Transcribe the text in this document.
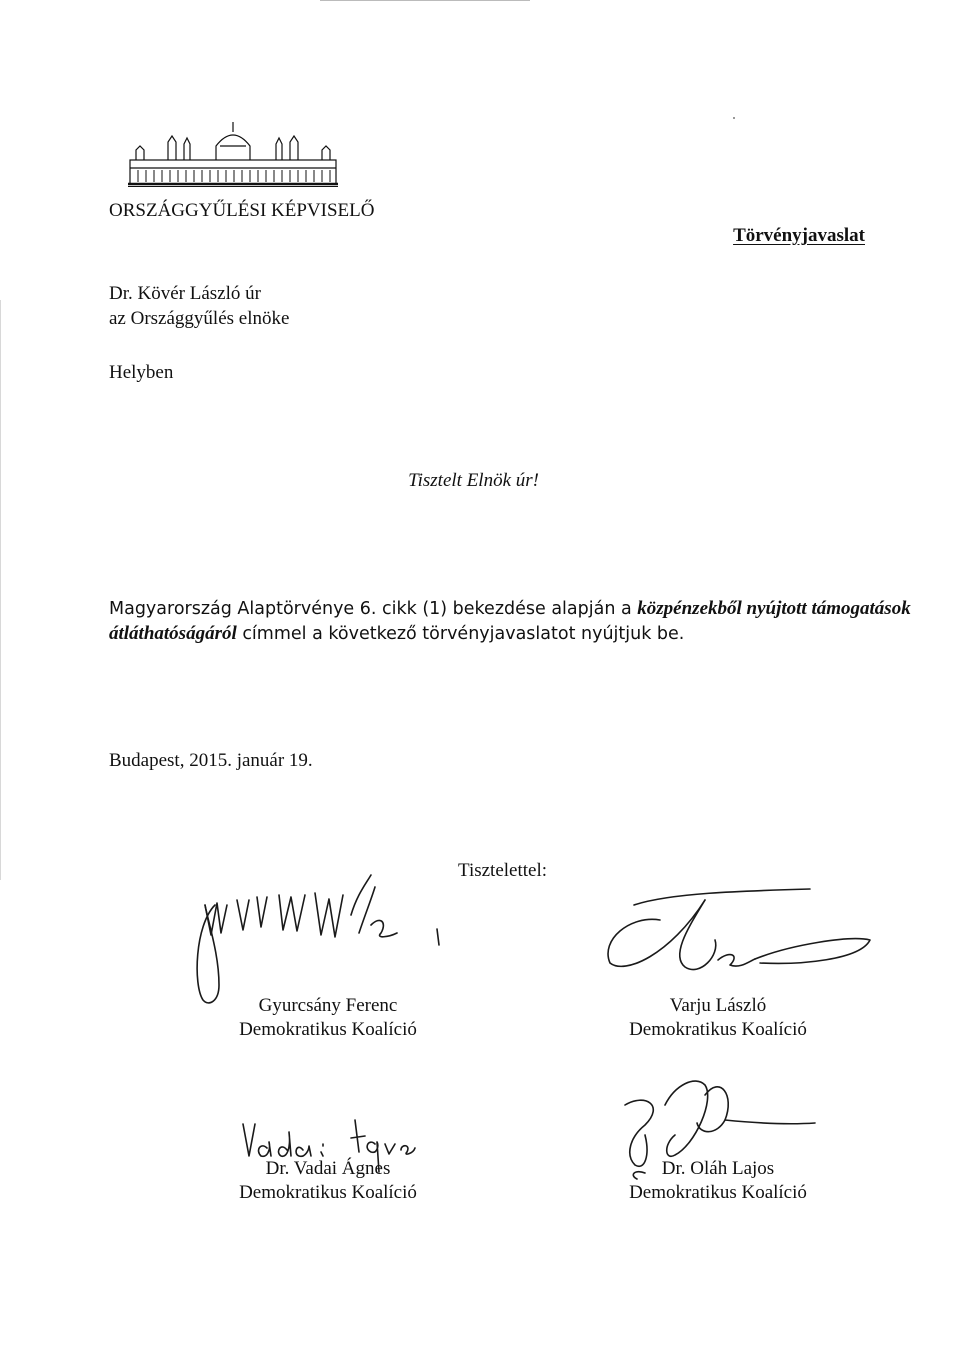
ORSZÁGGYŰLÉSI KÉPVISELŐ
Törvényjavaslat
Dr. Kövér László úr
az Országgyűlés elnöke
Helyben
Tisztelt Elnök úr!
Magyarország Alaptörvénye 6. cikk (1) bekezdése alapján a közpénzekből nyújtott támogatások
átláthatóságáról címmel a következő törvényjavaslatot nyújtjuk be.
Budapest, 2015. január 19.
Tisztelettel:
Gyurcsány Ferenc
Demokratikus Koalíció
Varju László
Demokratikus Koalíció
Dr. Vadai Ágnes
Demokratikus Koalíció
Dr. Oláh Lajos
Demokratikus Koalíció
